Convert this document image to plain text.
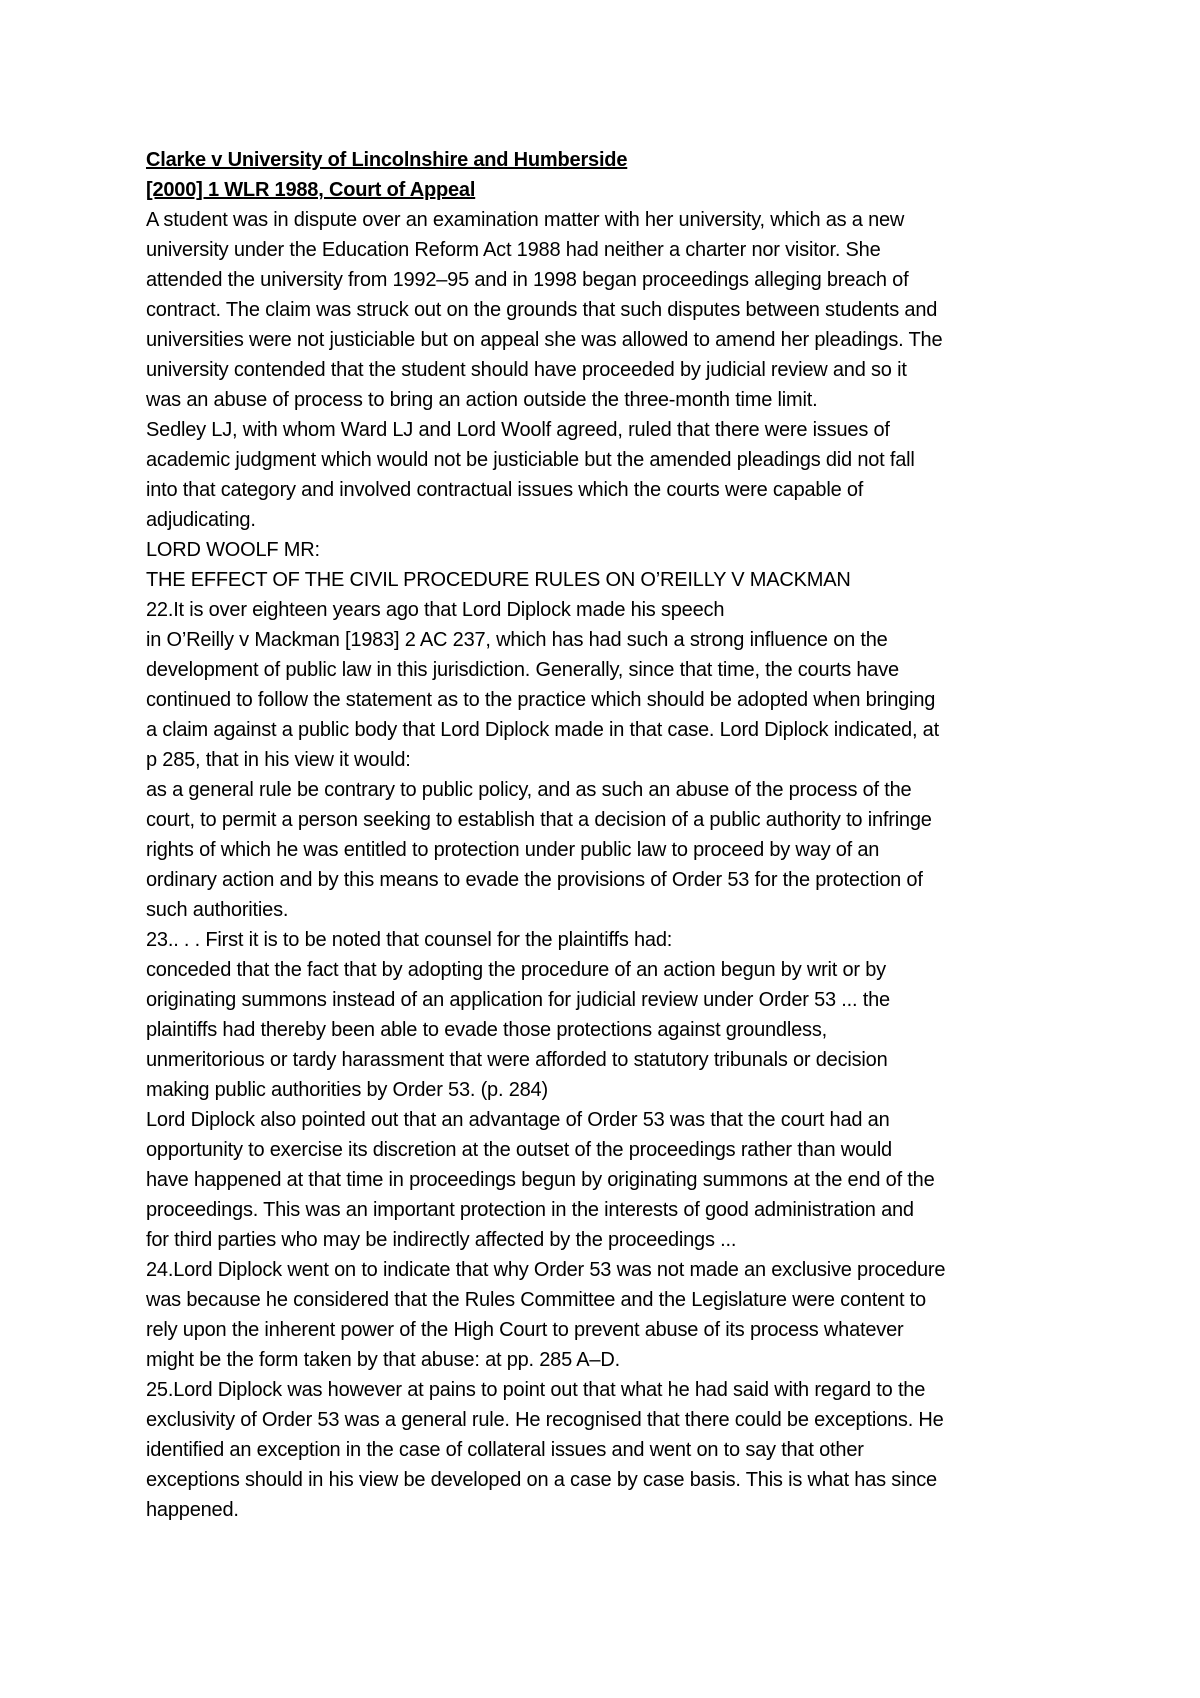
Clarke v University of Lincolnshire and Humberside
[2000] 1 WLR 1988, Court of Appeal
A student was in dispute over an examination matter with her university, which as a new
university under the Education Reform Act 1988 had neither a charter nor visitor. She
attended the university from 1992–95 and in 1998 began proceedings alleging breach of
contract. The claim was struck out on the grounds that such disputes between students and
universities were not justiciable but on appeal she was allowed to amend her pleadings. The
university contended that the student should have proceeded by judicial review and so it
was an abuse of process to bring an action outside the three-month time limit.
Sedley LJ, with whom Ward LJ and Lord Woolf agreed, ruled that there were issues of
academic judgment which would not be justiciable but the amended pleadings did not fall
into that category and involved contractual issues which the courts were capable of
adjudicating.
LORD WOOLF MR:
THE EFFECT OF THE CIVIL PROCEDURE RULES ON O’REILLY V MACKMAN
22.It is over eighteen years ago that Lord Diplock made his speech
in O’Reilly v Mackman [1983] 2 AC 237, which has had such a strong influence on the
development of public law in this jurisdiction. Generally, since that time, the courts have
continued to follow the statement as to the practice which should be adopted when bringing
a claim against a public body that Lord Diplock made in that case. Lord Diplock indicated, at
p 285, that in his view it would:
as a general rule be contrary to public policy, and as such an abuse of the process of the
court, to permit a person seeking to establish that a decision of a public authority to infringe
rights of which he was entitled to protection under public law to proceed by way of an
ordinary action and by this means to evade the provisions of Order 53 for the protection of
such authorities.
23.. . . First it is to be noted that counsel for the plaintiffs had:
conceded that the fact that by adopting the procedure of an action begun by writ or by
originating summons instead of an application for judicial review under Order 53 ... the
plaintiffs had thereby been able to evade those protections against groundless,
unmeritorious or tardy harassment that were afforded to statutory tribunals or decision
making public authorities by Order 53. (p. 284)
Lord Diplock also pointed out that an advantage of Order 53 was that the court had an
opportunity to exercise its discretion at the outset of the proceedings rather than would
have happened at that time in proceedings begun by originating summons at the end of the
proceedings. This was an important protection in the interests of good administration and
for third parties who may be indirectly affected by the proceedings ...
24.Lord Diplock went on to indicate that why Order 53 was not made an exclusive procedure
was because he considered that the Rules Committee and the Legislature were content to
rely upon the inherent power of the High Court to prevent abuse of its process whatever
might be the form taken by that abuse: at pp. 285 A–D.
25.Lord Diplock was however at pains to point out that what he had said with regard to the
exclusivity of Order 53 was a general rule. He recognised that there could be exceptions. He
identified an exception in the case of collateral issues and went on to say that other
exceptions should in his view be developed on a case by case basis. This is what has since
happened.
